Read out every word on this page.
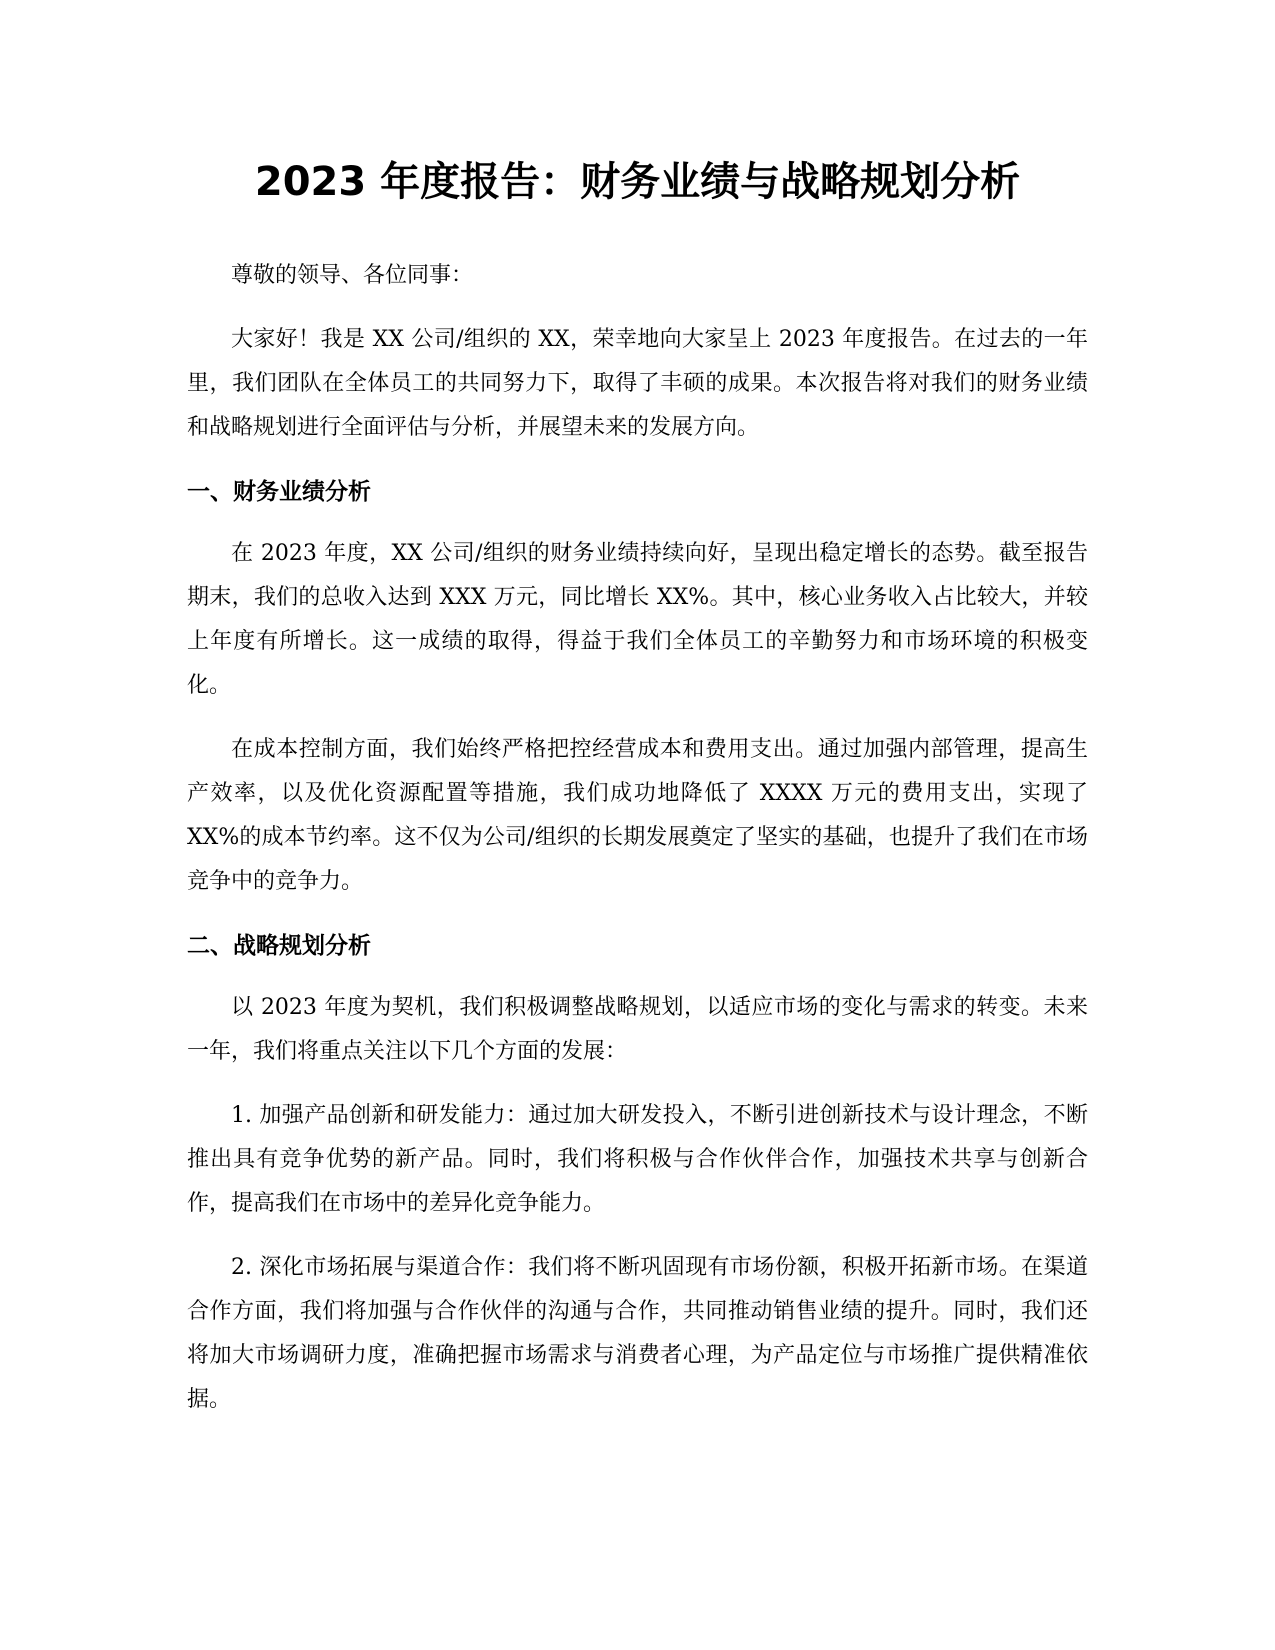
2023 年度报告：财务业绩与战略规划分析

尊敬的领导、各位同事：

大家好！我是 XX 公司/组织的 XX，荣幸地向大家呈上 2023 年度报告。在过去的一年里，我们团队在全体员工的共同努力下，取得了丰硕的成果。本次报告将对我们的财务业绩和战略规划进行全面评估与分析，并展望未来的发展方向。

一、财务业绩分析

在 2023 年度，XX 公司/组织的财务业绩持续向好，呈现出稳定增长的态势。截至报告期末，我们的总收入达到 XXX 万元，同比增长 XX%。其中，核心业务收入占比较大，并较上年度有所增长。这一成绩的取得，得益于我们全体员工的辛勤努力和市场环境的积极变化。

在成本控制方面，我们始终严格把控经营成本和费用支出。通过加强内部管理，提高生产效率，以及优化资源配置等措施，我们成功地降低了 XXXX 万元的费用支出，实现了 XX%的成本节约率。这不仅为公司/组织的长期发展奠定了坚实的基础，也提升了我们在市场竞争中的竞争力。

二、战略规划分析

以 2023 年度为契机，我们积极调整战略规划，以适应市场的变化与需求的转变。未来一年，我们将重点关注以下几个方面的发展：

1. 加强产品创新和研发能力：通过加大研发投入，不断引进创新技术与设计理念，不断推出具有竞争优势的新产品。同时，我们将积极与合作伙伴合作，加强技术共享与创新合作，提高我们在市场中的差异化竞争能力。

2. 深化市场拓展与渠道合作：我们将不断巩固现有市场份额，积极开拓新市场。在渠道合作方面，我们将加强与合作伙伴的沟通与合作，共同推动销售业绩的提升。同时，我们还将加大市场调研力度，准确把握市场需求与消费者心理，为产品定位与市场推广提供精准依据。
